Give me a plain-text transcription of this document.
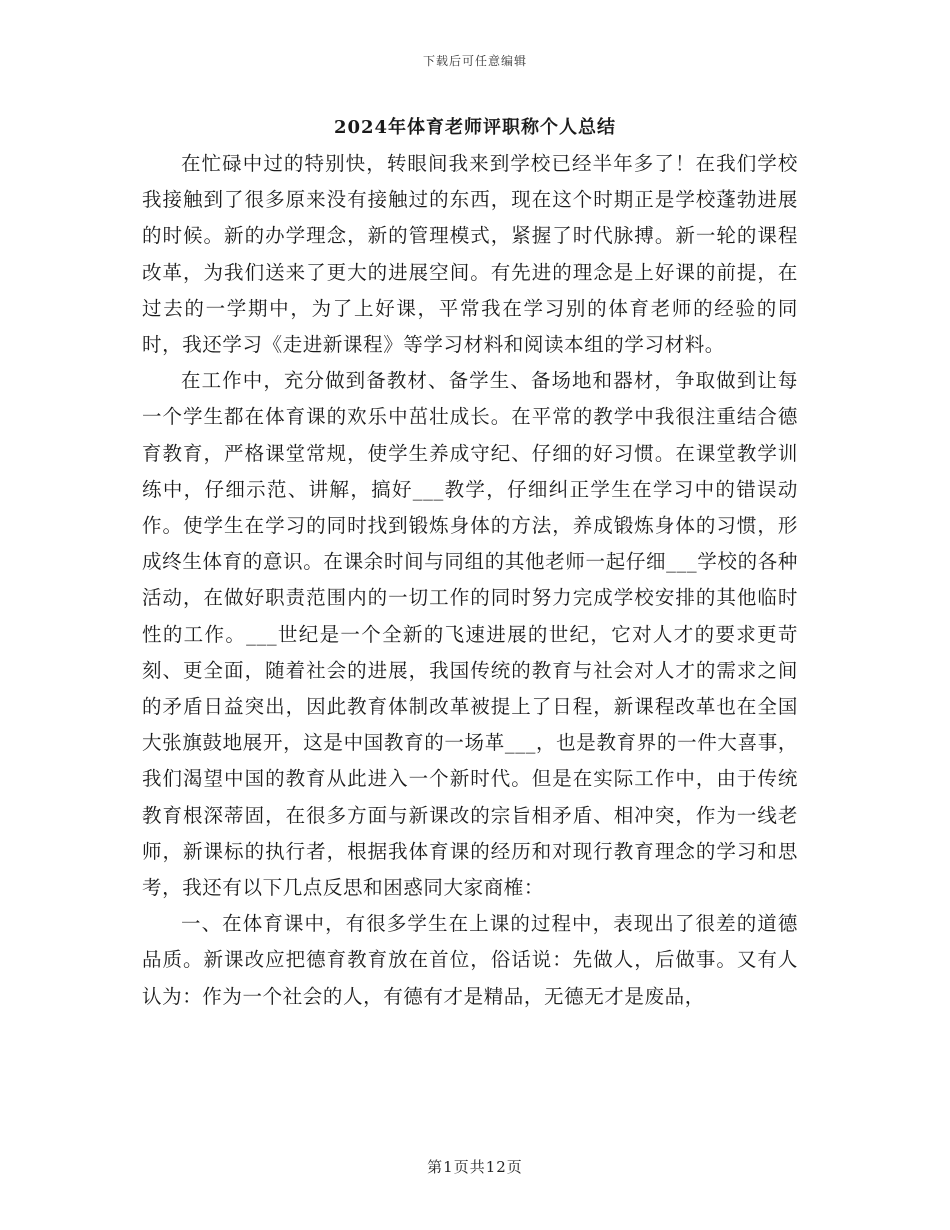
下载后可任意编辑
2024年体育老师评职称个人总结

在忙碌中过的特别快，转眼间我来到学校已经半年多了！在我们学校我接触到了很多原来没有接触过的东西，现在这个时期正是学校蓬勃进展的时候。新的办学理念，新的管理模式，紧握了时代脉搏。新一轮的课程改革，为我们送来了更大的进展空间。有先进的理念是上好课的前提，在过去的一学期中，为了上好课，平常我在学习别的体育老师的经验的同时，我还学习《走进新课程》等学习材料和阅读本组的学习材料。

在工作中，充分做到备教材、备学生、备场地和器材，争取做到让每一个学生都在体育课的欢乐中茁壮成长。在平常的教学中我很注重结合德育教育，严格课堂常规，使学生养成守纪、仔细的好习惯。在课堂教学训练中，仔细示范、讲解，搞好___教学，仔细纠正学生在学习中的错误动作。使学生在学习的同时找到锻炼身体的方法，养成锻炼身体的习惯，形成终生体育的意识。在课余时间与同组的其他老师一起仔细___学校的各种活动，在做好职责范围内的一切工作的同时努力完成学校安排的其他临时性的工作。___世纪是一个全新的飞速进展的世纪，它对人才的要求更苛刻、更全面，随着社会的进展，我国传统的教育与社会对人才的需求之间的矛盾日益突出，因此教育体制改革被提上了日程，新课程改革也在全国大张旗鼓地展开，这是中国教育的一场革___，也是教育界的一件大喜事，我们渴望中国的教育从此进入一个新时代。但是在实际工作中，由于传统教育根深蒂固，在很多方面与新课改的宗旨相矛盾、相冲突，作为一线老师，新课标的执行者，根据我体育课的经历和对现行教育理念的学习和思考，我还有以下几点反思和困惑同大家商榷：

一、在体育课中，有很多学生在上课的过程中，表现出了很差的道德品质。新课改应把德育教育放在首位，俗话说：先做人，后做事。又有人认为：作为一个社会的人，有德有才是精品，无德无才是废品，

第1页共12页
